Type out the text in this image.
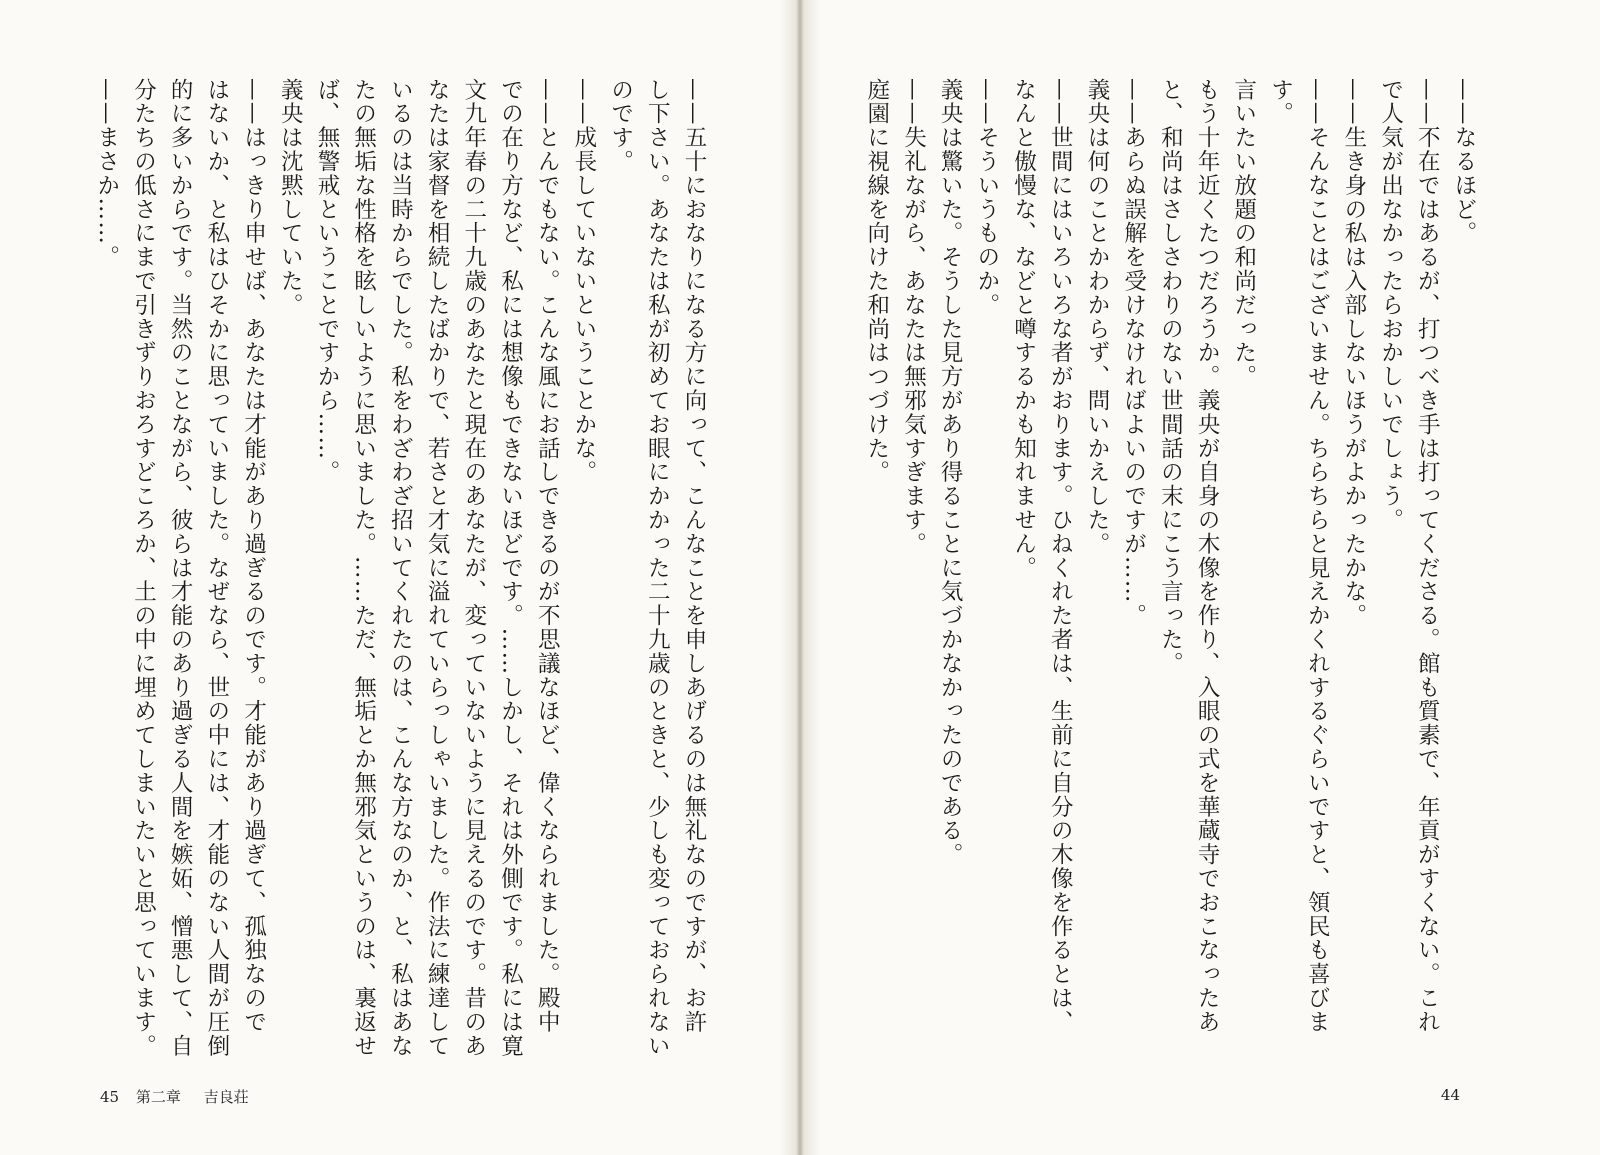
——五十におなりになる方に向って、こんなことを申しあげるのは無礼なのですが、お許
し下さい。あなたは私が初めてお眼にかかった二十九歳のときと、少しも変っておられない
のです。
——成長していないということかな。
——とんでもない。こんな風にお話しできるのが不思議なほど、偉くなられました。殿中
での在り方など、私には想像もできないほどです。……しかし、それは外側です。私には寛
文九年春の二十九歳のあなたと現在のあなたが、変っていないように見えるのです。昔のあ
なたは家督を相続したばかりで、若さと才気に溢れていらっしゃいました。作法に練達して
いるのは当時からでした。私をわざわざ招いてくれたのは、こんな方なのか、と、私はあな
たの無垢な性格を眩しいように思いました。……ただ、無垢とか無邪気というのは、裏返せ
ば、無警戒ということですから……。
義央は沈黙していた。
——はっきり申せば、あなたは才能があり過ぎるのです。才能があり過ぎて、孤独なので
はないか、と私はひそかに思っていました。なぜなら、世の中には、才能のない人間が圧倒
的に多いからです。当然のことながら、彼らは才能のあり過ぎる人間を嫉妬、憎悪して、自
分たちの低さにまで引きずりおろすどころか、土の中に埋めてしまいたいと思っています。
——まさか……。
45 第二章 吉良荘
——なるほど。
——不在ではあるが、打つべき手は打ってくださる。館も質素で、年貢がすくない。これ
で人気が出なかったらおかしいでしょう。
——生き身の私は入部しないほうがよかったかな。
——そんなことはございません。ちらちらと見えかくれするぐらいですと、領民も喜びま
す。
言いたい放題の和尚だった。
もう十年近くたつだろうか。義央が自身の木像を作り、入眼の式を華蔵寺でおこなったあ
と、和尚はさしさわりのない世間話の末にこう言った。
——あらぬ誤解を受けなければよいのですが……。
義央は何のことかわからず、問いかえした。
——世間にはいろいろな者がおります。ひねくれた者は、生前に自分の木像を作るとは、
なんと傲慢な、などと噂するかも知れません。
——そういうものか。
義央は驚いた。そうした見方があり得ることに気づかなかったのである。
——失礼ながら、あなたは無邪気すぎます。
庭園に視線を向けた和尚はつづけた。
44
